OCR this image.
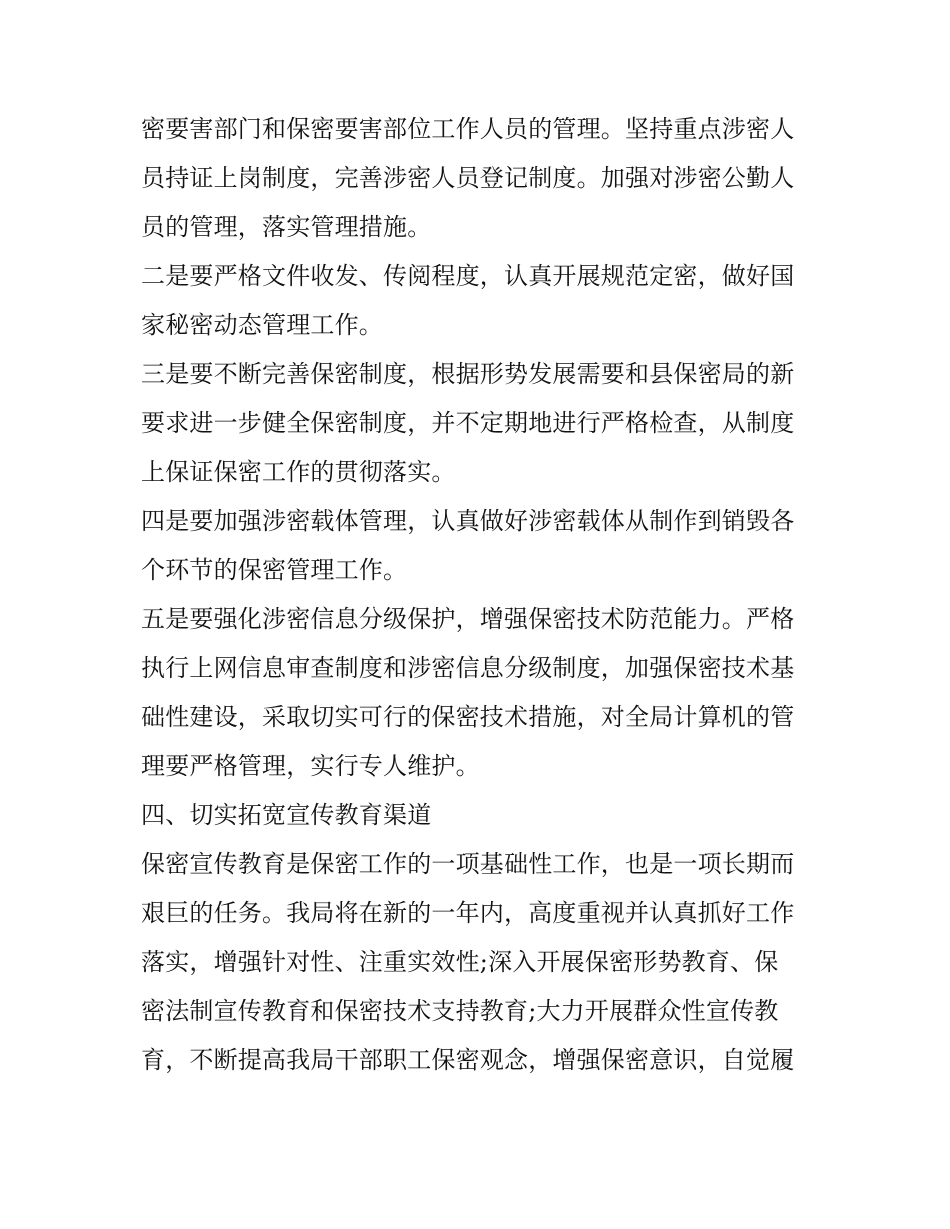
密要害部门和保密要害部位工作人员的管理。坚持重点涉密人
员持证上岗制度，完善涉密人员登记制度。加强对涉密公勤人
员的管理，落实管理措施。
二是要严格文件收发、传阅程度，认真开展规范定密，做好国
家秘密动态管理工作。
三是要不断完善保密制度，根据形势发展需要和县保密局的新
要求进一步健全保密制度，并不定期地进行严格检查，从制度
上保证保密工作的贯彻落实。
四是要加强涉密载体管理，认真做好涉密载体从制作到销毁各
个环节的保密管理工作。
五是要强化涉密信息分级保护，增强保密技术防范能力。严格
执行上网信息审查制度和涉密信息分级制度，加强保密技术基
础性建设，采取切实可行的保密技术措施，对全局计算机的管
理要严格管理，实行专人维护。
四、切实拓宽宣传教育渠道
保密宣传教育是保密工作的一项基础性工作，也是一项长期而
艰巨的任务。我局将在新的一年内，高度重视并认真抓好工作
落实，增强针对性、注重实效性;深入开展保密形势教育、保
密法制宣传教育和保密技术支持教育;大力开展群众性宣传教
育，不断提高我局干部职工保密观念，增强保密意识，自觉履
